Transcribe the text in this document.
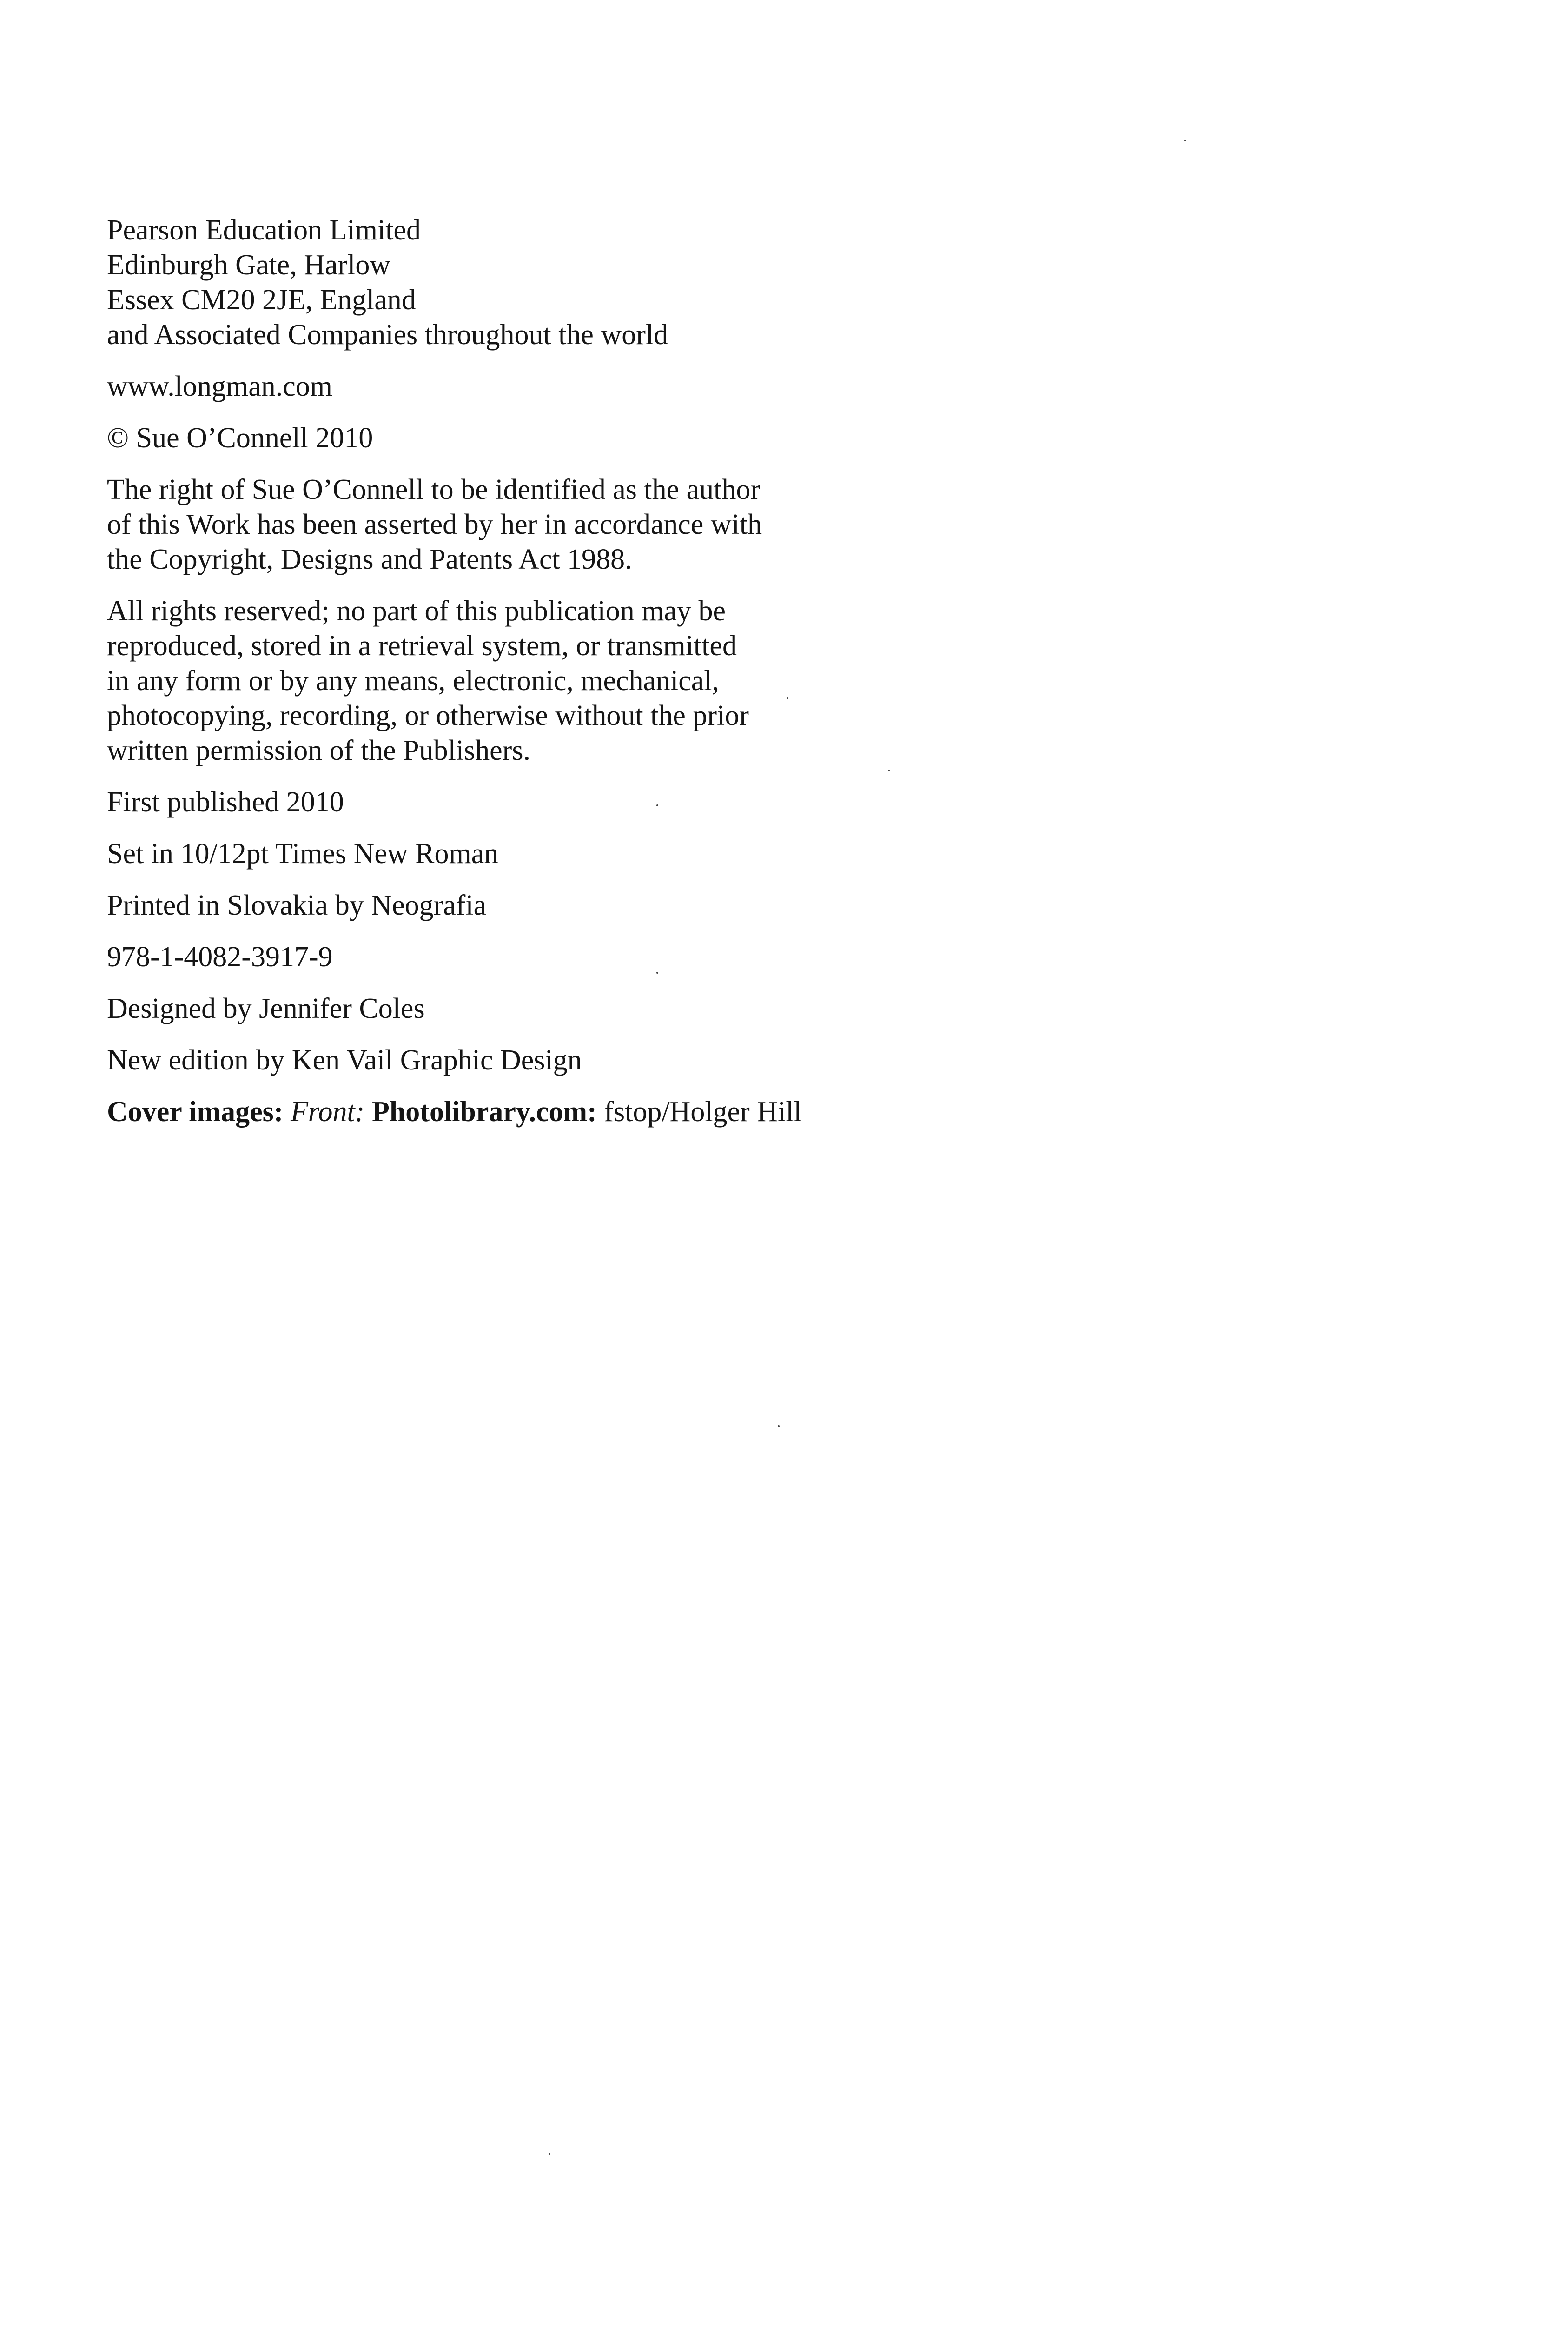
Pearson Education Limited
Edinburgh Gate, Harlow
Essex CM20 2JE, England
and Associated Companies throughout the world

www.longman.com

© Sue O’Connell 2010

The right of Sue O’Connell to be identified as the author
of this Work has been asserted by her in accordance with
the Copyright, Designs and Patents Act 1988.
All rights reserved; no part of this publication may be
reproduced, stored in a retrieval system, or transmitted
in any form or by any means, electronic, mechanical,
photocopying, recording, or otherwise without the prior
written permission of the Publishers.

First published 2010

Set in 10/12pt Times New Roman

Printed in Slovakia by Neografia

978-1-4082-3917-9

Designed by Jennifer Coles

New edition by Ken Vail Graphic Design

Cover images: Front: Photolibrary.com: fstop/Holger Hill
